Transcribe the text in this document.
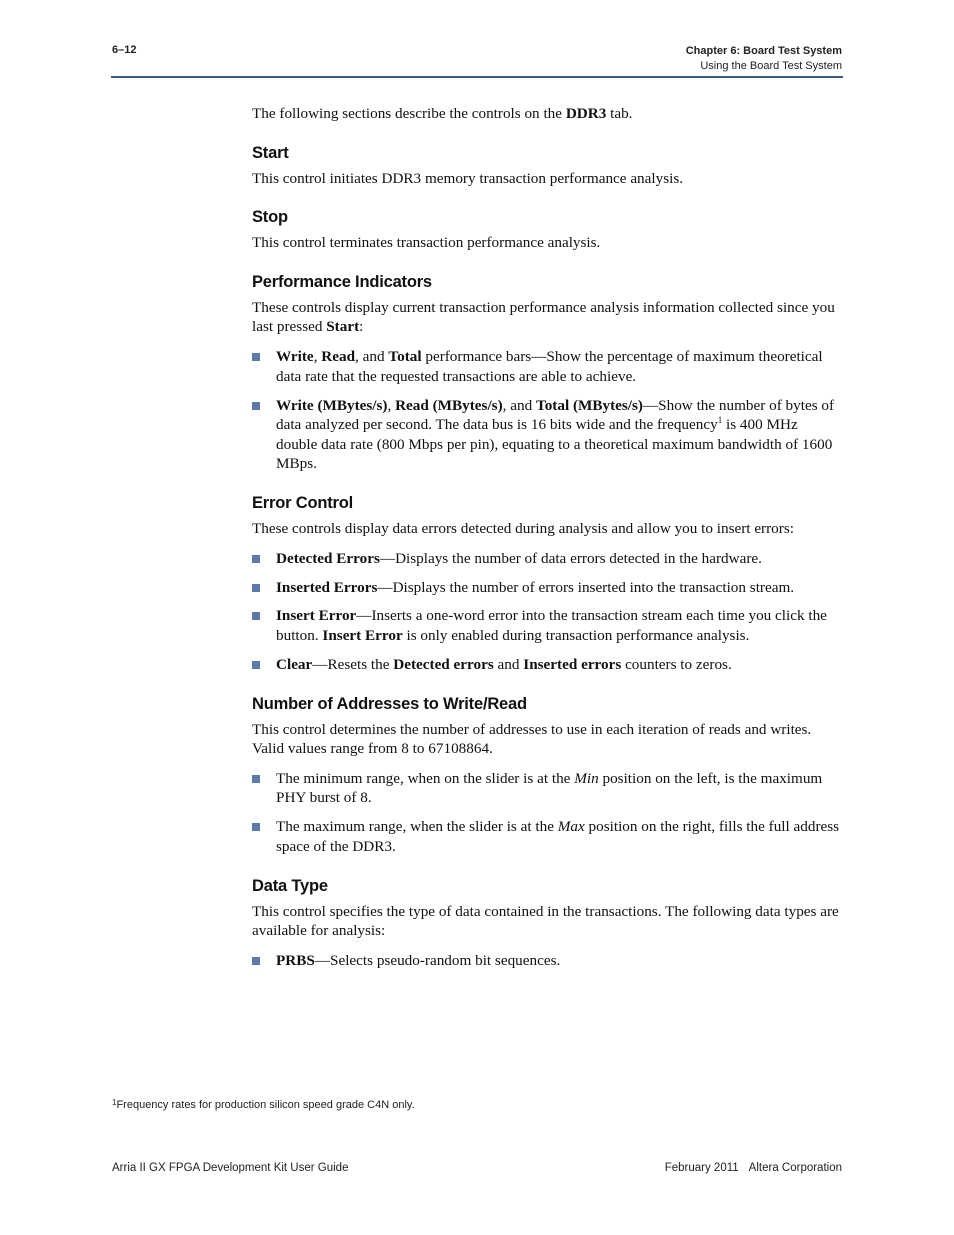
6–12	Chapter 6: Board Test System
Using the Board Test System

The following sections describe the controls on the DDR3 tab.

Start

This control initiates DDR3 memory transaction performance analysis.

Stop

This control terminates transaction performance analysis.

Performance Indicators

These controls display current transaction performance analysis information collected since you last pressed Start:

Write, Read, and Total performance bars—Show the percentage of maximum theoretical data rate that the requested transactions are able to achieve.
Write (MBytes/s), Read (MBytes/s), and Total (MBytes/s)—Show the number of bytes of data analyzed per second. The data bus is 16 bits wide and the frequency$^1$ is 400 MHz double data rate (800 Mbps per pin), equating to a theoretical maximum bandwidth of 1600 MBps.
Error Control

These controls display data errors detected during analysis and allow you to insert errors:

Detected Errors—Displays the number of data errors detected in the hardware.
Inserted Errors—Displays the number of errors inserted into the transaction stream.
Insert Error—Inserts a one-word error into the transaction stream each time you click the button. Insert Error is only enabled during transaction performance analysis.
Clear—Resets the Detected errors and Inserted errors counters to zeros.
Number of Addresses to Write/Read

This control determines the number of addresses to use in each iteration of reads and writes. Valid values range from 8 to 67108864.

The minimum range, when on the slider is at the Min position on the left, is the maximum PHY burst of 8.
The maximum range, when the slider is at the Max position on the right, fills the full address space of the DDR3.
Data Type

This control specifies the type of data contained in the transactions. The following data types are available for analysis:

PRBS—Selects pseudo-random bit sequences.
$^1$Frequency rates for production silicon speed grade C4N only.
Arria II GX FPGA Development Kit User Guide	February 2011 Altera Corporation
